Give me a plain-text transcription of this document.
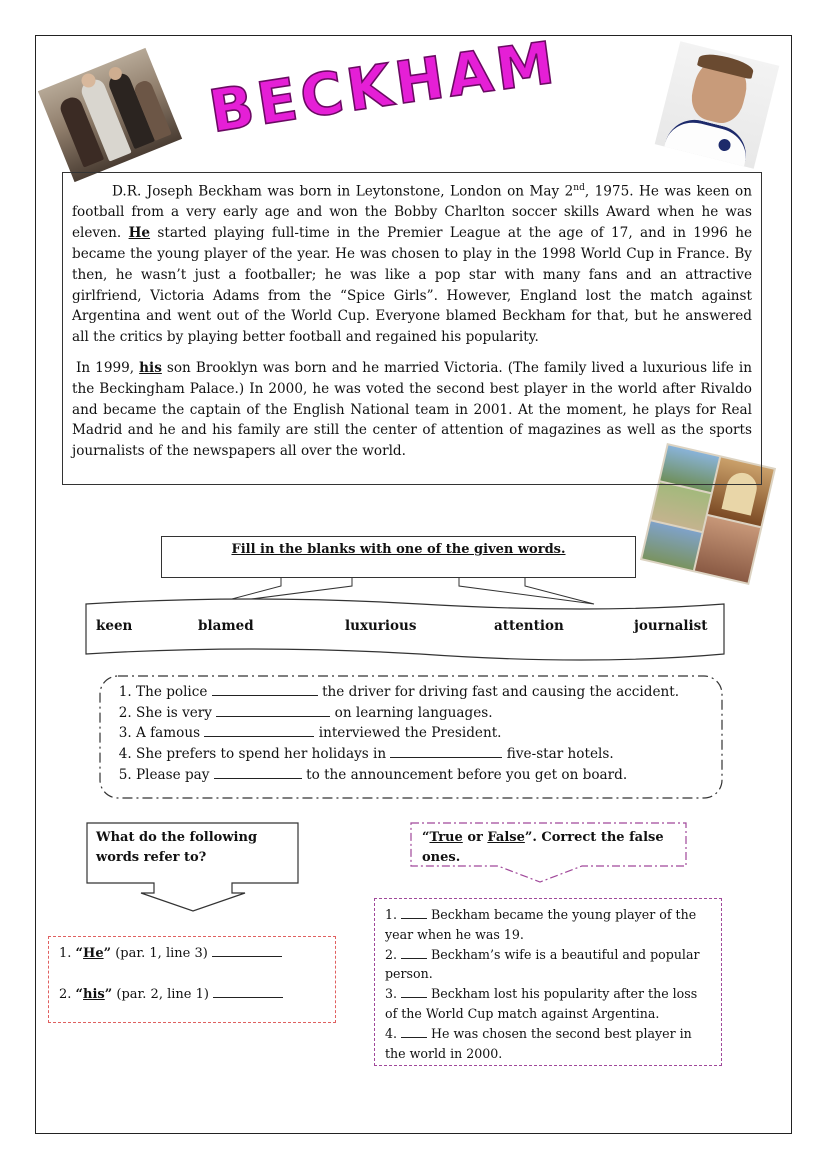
BECKHAM

D.R. Joseph Beckham was born in Leytonstone, London on May 2nd, 1975. He was keen on football from a very early age and won the Bobby Charlton soccer skills Award when he was eleven. He started playing full-time in the Premier League at the age of 17, and in 1996 he became the young player of the year. He was chosen to play in the 1998 World Cup in France. By then, he wasn’t just a footballer; he was like a pop star with many fans and an attractive girlfriend, Victoria Adams from the “Spice Girls”. However, England lost the match against Argentina and went out of the World Cup. Everyone blamed Beckham for that, but he answered all the critics by playing better football and regained his popularity.

In 1999, his son Brooklyn was born and he married Victoria. (The family lived a luxurious life in the Beckingham Palace.) In 2000, he was voted the second best player in the world after Rivaldo and became the captain of the English National team in 2001. At the moment, he plays for Real Madrid and he and his family are still the center of attention of magazines as well as the sports journalists of the newspapers all over the world.

Fill in the blanks with one of the given words.
keen	blamed	luxurious	attention	journalist
1. The police	the driver for driving fast and causing the accident.
2. She is very	on learning languages.
3. A famous	interviewed the President.
4. She prefers to spend her holidays in	five-star hotels.
5. Please pay	to the announcement before you get on board.
What do the following words refer to?
“True or False”. Correct the false ones.

1. “He” (par. 1, line 3)

2. “his” (par. 2, line 1)

1.  Beckham became the young player of the year when he was 19.

2.  Beckham’s wife is a beautiful and popular person.

3.  Beckham lost his popularity after the loss of the World Cup match against Argentina.

4.  He was chosen the second best player in the world in 2000.
